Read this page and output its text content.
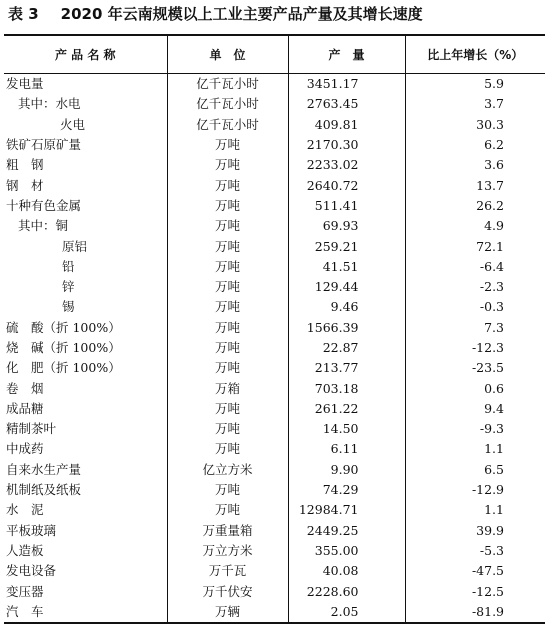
表 3 2020 年云南规模以上工业主要产品产量及其增长速度
产 品 名 称	单　位	产　量	比上年增长（%）
发电量	亿千瓦小时	3451.17	5.9
其中：水电	亿千瓦小时	2763.45	3.7
火电	亿千瓦小时	409.81	30.3
铁矿石原矿量	万吨	2170.30	6.2
粗　钢	万吨	2233.02	3.6
钢　材	万吨	2640.72	13.7
十种有色金属	万吨	511.41	26.2
其中：铜	万吨	69.93	4.9
原铝	万吨	259.21	72.1
铅	万吨	41.51	-6.4
锌	万吨	129.44	-2.3
锡	万吨	9.46	-0.3
硫　酸（折 100%）	万吨	1566.39	7.3
烧　碱（折 100%）	万吨	22.87	-12.3
化　肥（折 100%）	万吨	213.77	-23.5
卷　烟	万箱	703.18	0.6
成品糖	万吨	261.22	9.4
精制茶叶	万吨	14.50	-9.3
中成药	万吨	6.11	1.1
自来水生产量	亿立方米	9.90	6.5
机制纸及纸板	万吨	74.29	-12.9
水　泥	万吨	12984.71	1.1
平板玻璃	万重量箱	2449.25	39.9
人造板	万立方米	355.00	-5.3
发电设备	万千瓦	40.08	-47.5
变压器	万千伏安	2228.60	-12.5
汽　车	万辆	2.05	-81.9
